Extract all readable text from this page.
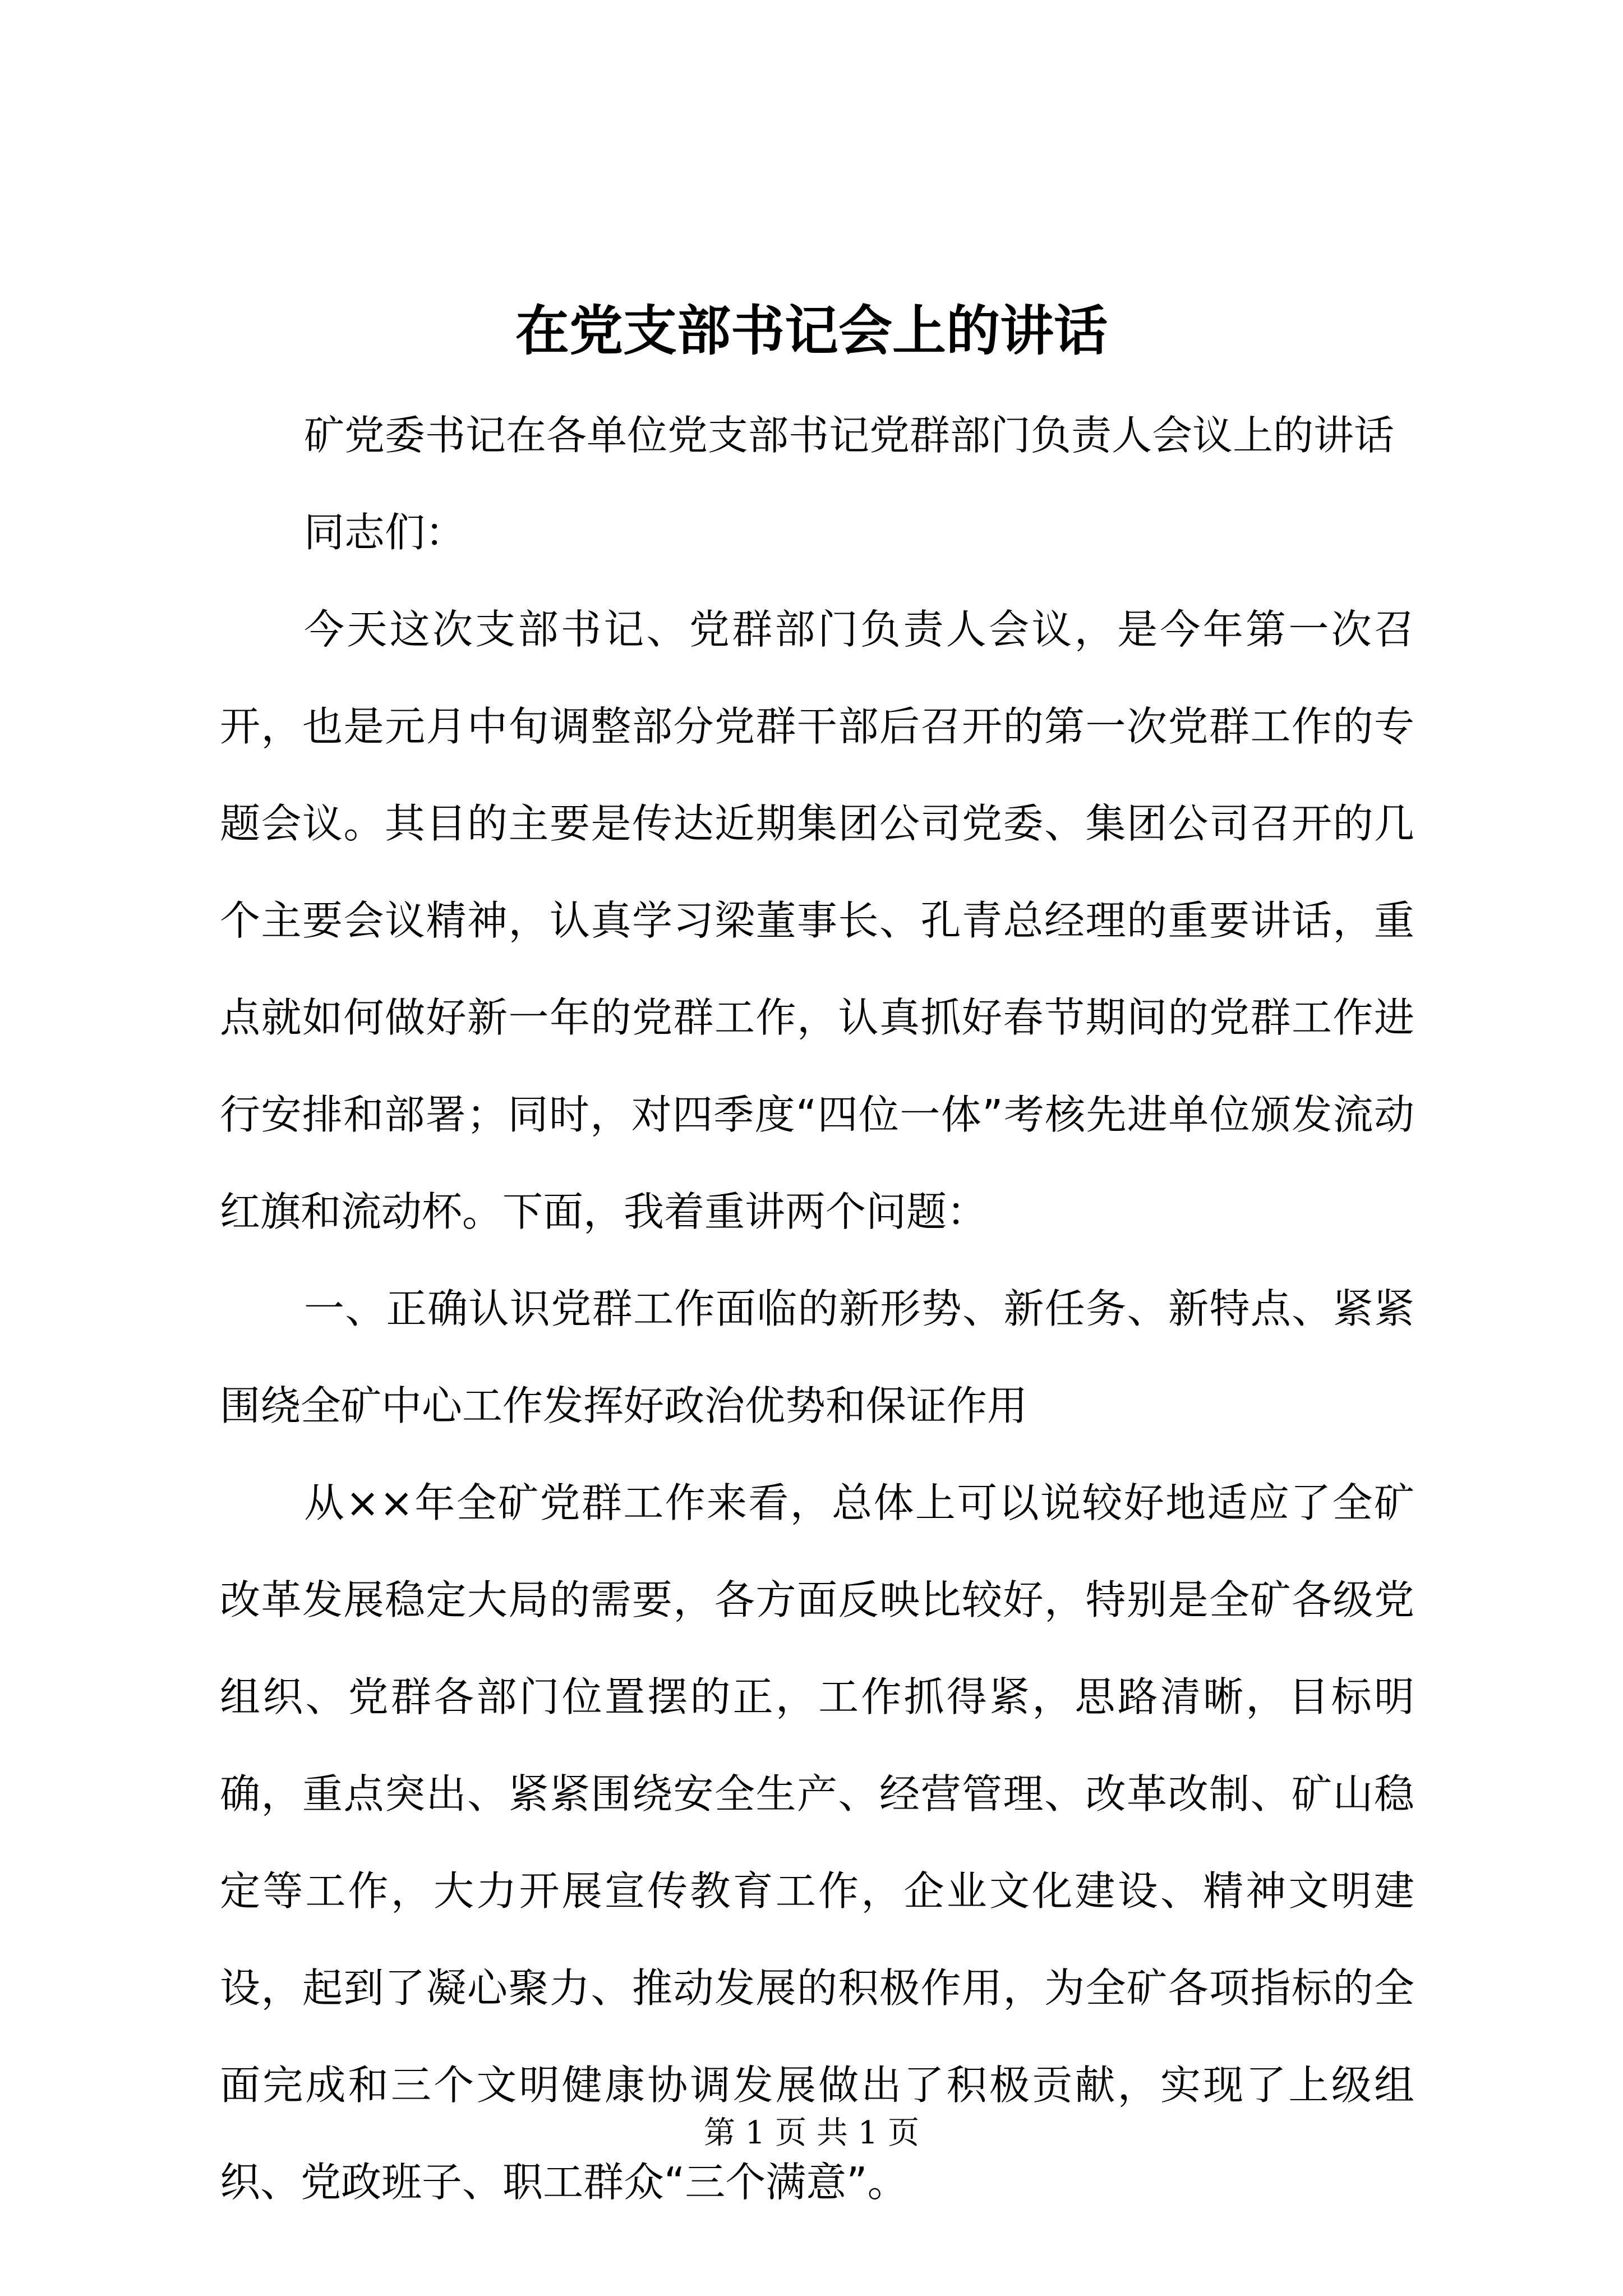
在党支部书记会上的讲话

矿党委书记在各单位党支部书记党群部门负责人会议上的讲话

同志们：

今天这次支部书记、党群部门负责人会议，是今年第一次召开，也是元月中旬调整部分党群干部后召开的第一次党群工作的专题会议。其目的主要是传达近期集团公司党委、集团公司召开的几个主要会议精神，认真学习梁董事长、孔青总经理的重要讲话，重点就如何做好新一年的党群工作，认真抓好春节期间的党群工作进行安排和部署；同时，对四季度“四位一体”考核先进单位颁发流动红旗和流动杯。下面，我着重讲两个问题：

一、正确认识党群工作面临的新形势、新任务、新特点、紧紧围绕全矿中心工作发挥好政治优势和保证作用

从××年全矿党群工作来看，总体上可以说较好地适应了全矿改革发展稳定大局的需要，各方面反映比较好，特别是全矿各级党组织、党群各部门位置摆的正，工作抓得紧，思路清晰，目标明确，重点突出、紧紧围绕安全生产、经营管理、改革改制、矿山稳定等工作，大力开展宣传教育工作，企业文化建设、精神文明建设，起到了凝心聚力、推动发展的积极作用，为全矿各项指标的全面完成和三个文明健康协调发展做出了积极贡献，实现了上级组织、党政班子、职工群众“三个满意”。

第 1 页 共 1 页
